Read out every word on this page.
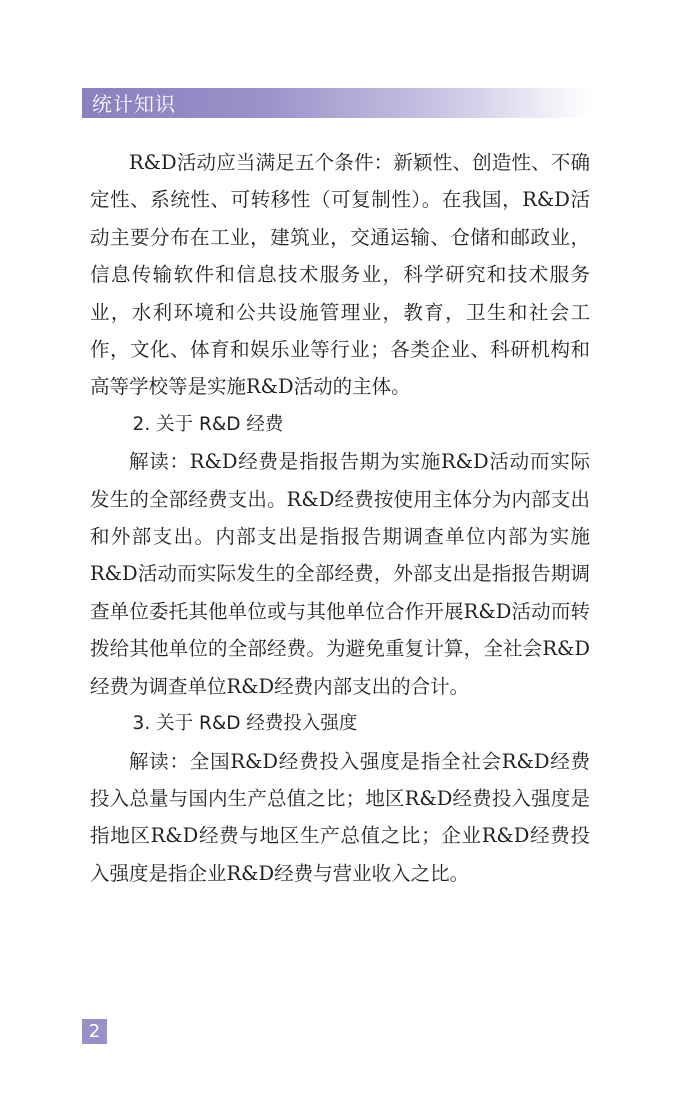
统计知识

R&D活动应当满足五个条件：新颖性、创造性、不确定性、系统性、可转移性（可复制性）。在我国，R&D活动主要分布在工业，建筑业，交通运输、仓储和邮政业，信息传输软件和信息技术服务业，科学研究和技术服务业，水利环境和公共设施管理业，教育，卫生和社会工作，文化、体育和娱乐业等行业；各类企业、科研机构和高等学校等是实施R&D活动的主体。

2. 关于 R&D 经费

解读：R&D经费是指报告期为实施R&D活动而实际发生的全部经费支出。R&D经费按使用主体分为内部支出和外部支出。内部支出是指报告期调查单位内部为实施R&D活动而实际发生的全部经费，外部支出是指报告期调查单位委托其他单位或与其他单位合作开展R&D活动而转拨给其他单位的全部经费。为避免重复计算，全社会R&D经费为调查单位R&D经费内部支出的合计。

3. 关于 R&D 经费投入强度

解读：全国R&D经费投入强度是指全社会R&D经费投入总量与国内生产总值之比；地区R&D经费投入强度是指地区R&D经费与地区生产总值之比；企业R&D经费投入强度是指企业R&D经费与营业收入之比。

2
